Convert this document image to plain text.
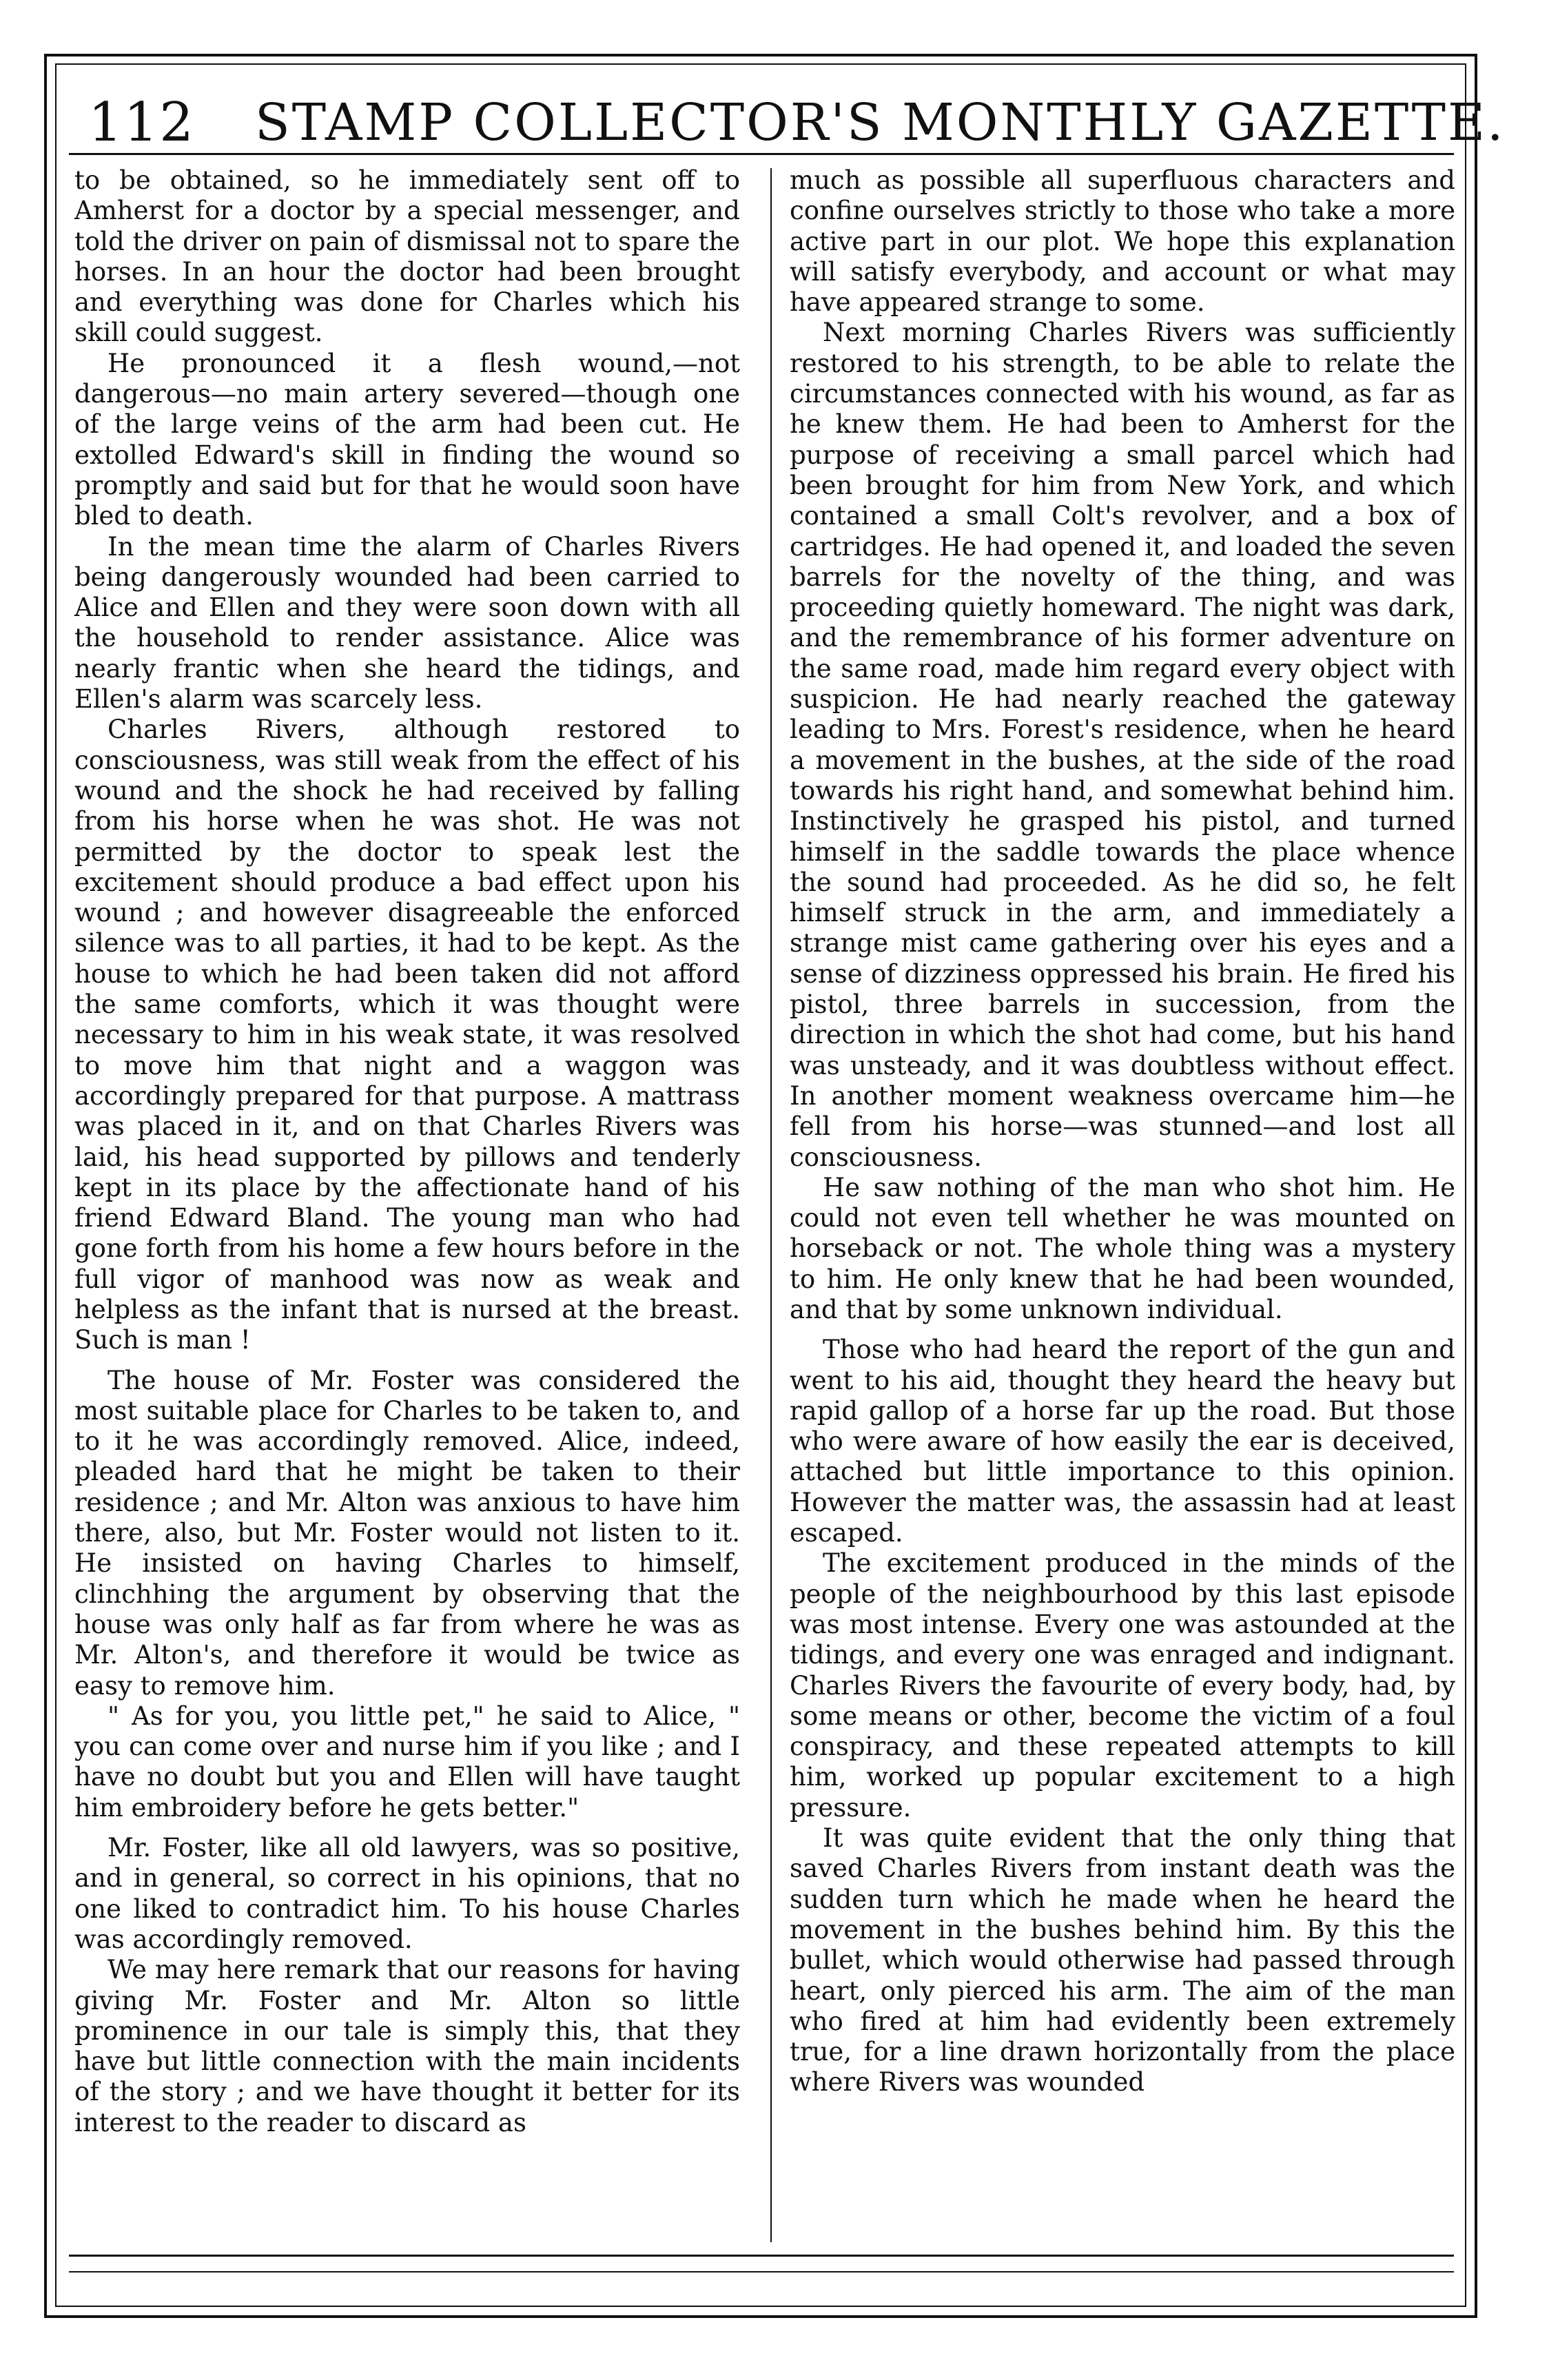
112 STAMP COLLECTOR'S MONTHLY GAZETTE.

to be obtained, so he immediately sent off to Amherst for a doctor by a special messenger, and told the driver on pain of dismissal not to spare the horses. In an hour the doctor had been brought and everything was done for Charles which his skill could suggest.

He pronounced it a flesh wound,—not dangerous—no main artery severed—though one of the large veins of the arm had been cut. He extolled Edward's skill in finding the wound so promptly and said but for that he would soon have bled to death.

In the mean time the alarm of Charles Rivers being dangerously wounded had been carried to Alice and Ellen and they were soon down with all the household to render assistance. Alice was nearly frantic when she heard the tidings, and Ellen's alarm was scarcely less.

Charles Rivers, although restored to consciousness, was still weak from the effect of his wound and the shock he had received by falling from his horse when he was shot. He was not permitted by the doctor to speak lest the excitement should produce a bad effect upon his wound ; and however disagreeable the enforced silence was to all parties, it had to be kept. As the house to which he had been taken did not afford the same comforts, which it was thought were necessary to him in his weak state, it was resolved to move him that night and a waggon was accordingly prepared for that purpose. A mattrass was placed in it, and on that Charles Rivers was laid, his head supported by pillows and tenderly kept in its place by the affectionate hand of his friend Edward Bland. The young man who had gone forth from his home a few hours before in the full vigor of manhood was now as weak and helpless as the infant that is nursed at the breast. Such is man !

The house of Mr. Foster was considered the most suitable place for Charles to be taken to, and to it he was accordingly removed. Alice, indeed, pleaded hard that he might be taken to their residence ; and Mr. Alton was anxious to have him there, also, but Mr. Foster would not listen to it. He insisted on having Charles to himself, clinchhing the argument by observing that the house was only half as far from where he was as Mr. Alton's, and therefore it would be twice as easy to remove him.

" As for you, you little pet," he said to Alice, " you can come over and nurse him if you like ; and I have no doubt but you and Ellen will have taught him embroidery before he gets better."

Mr. Foster, like all old lawyers, was so positive, and in general, so correct in his opinions, that no one liked to contradict him. To his house Charles was accordingly removed.

We may here remark that our reasons for having giving Mr. Foster and Mr. Alton so little prominence in our tale is simply this, that they have but little connection with the main incidents of the story ; and we have thought it better for its interest to the reader to discard as

much as possible all superfluous characters and confine ourselves strictly to those who take a more active part in our plot. We hope this explanation will satisfy everybody, and account or what may have appeared strange to some.

Next morning Charles Rivers was sufficiently restored to his strength, to be able to relate the circumstances connected with his wound, as far as he knew them. He had been to Amherst for the purpose of receiving a small parcel which had been brought for him from New York, and which contained a small Colt's revolver, and a box of cartridges. He had opened it, and loaded the seven barrels for the novelty of the thing, and was proceeding quietly homeward. The night was dark, and the remembrance of his former adventure on the same road, made him regard every object with suspicion. He had nearly reached the gateway leading to Mrs. Forest's residence, when he heard a movement in the bushes, at the side of the road towards his right hand, and somewhat behind him. Instinctively he grasped his pistol, and turned himself in the saddle towards the place whence the sound had proceeded. As he did so, he felt himself struck in the arm, and immediately a strange mist came gathering over his eyes and a sense of dizziness oppressed his brain. He fired his pistol, three barrels in succession, from the direction in which the shot had come, but his hand was unsteady, and it was doubtless without effect. In another moment weakness overcame him—he fell from his horse—was stunned—and lost all consciousness.

He saw nothing of the man who shot him. He could not even tell whether he was mounted on horseback or not. The whole thing was a mystery to him. He only knew that he had been wounded, and that by some unknown individual.

Those who had heard the report of the gun and went to his aid, thought they heard the heavy but rapid gallop of a horse far up the road. But those who were aware of how easily the ear is deceived, attached but little importance to this opinion. However the matter was, the assassin had at least escaped.

The excitement produced in the minds of the people of the neighbourhood by this last episode was most intense. Every one was astounded at the tidings, and every one was enraged and indignant. Charles Rivers the favourite of every body, had, by some means or other, become the victim of a foul conspiracy, and these repeated attempts to kill him, worked up popular excitement to a high pressure.

It was quite evident that the only thing that saved Charles Rivers from instant death was the sudden turn which he made when he heard the movement in the bushes behind him. By this the bullet, which would otherwise had passed through heart, only pierced his arm. The aim of the man who fired at him had evidently been extremely true, for a line drawn horizontally from the place where Rivers was wounded
